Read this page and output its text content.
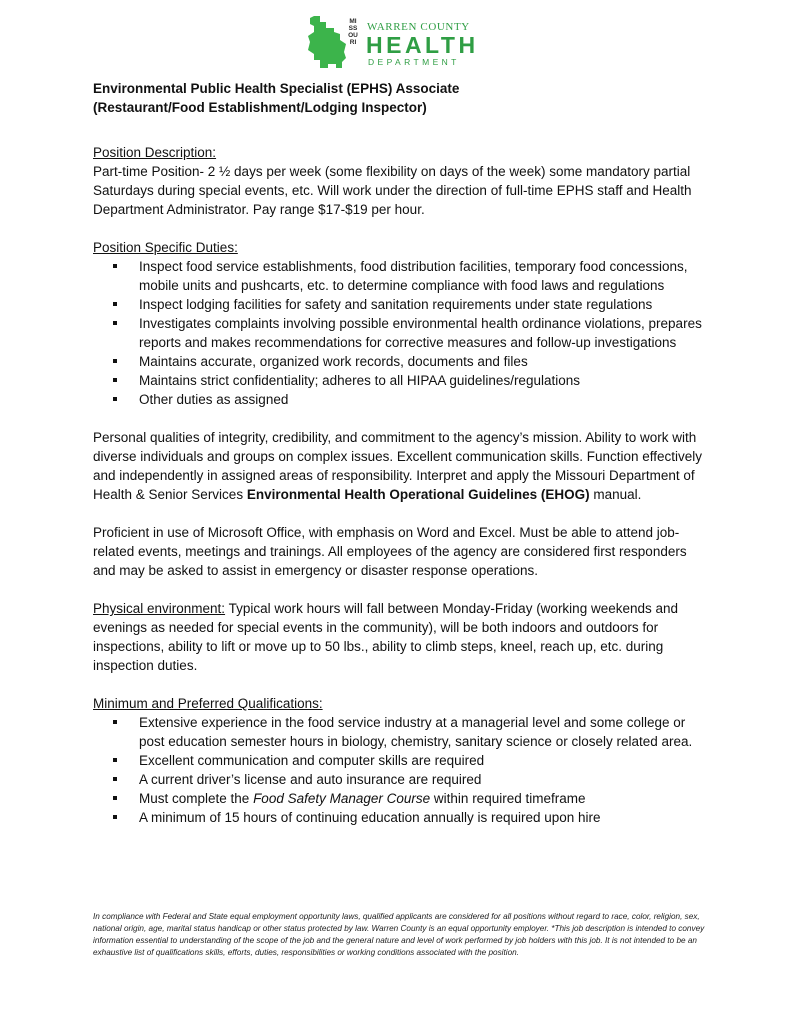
MISSOURI
WARREN COUNTY
HEALTH
DEPARTMENT

Environmental Public Health Specialist (EPHS) Associate

(Restaurant/Food Establishment/Lodging Inspector)

Position Description:

Part-time Position- 2 ½ days per week (some flexibility on days of the week) some mandatory partial Saturdays during special events, etc. Will work under the direction of full-time EPHS staff and Health Department Administrator. Pay range $17-$19 per hour.

Position Specific Duties:

Inspect food service establishments, food distribution facilities, temporary food concessions, mobile units and pushcarts, etc. to determine compliance with food laws and regulations
Inspect lodging facilities for safety and sanitation requirements under state regulations
Investigates complaints involving possible environmental health ordinance violations, prepares reports and makes recommendations for corrective measures and follow-up investigations
Maintains accurate, organized work records, documents and files
Maintains strict confidentiality; adheres to all HIPAA guidelines/regulations
Other duties as assigned

Personal qualities of integrity, credibility, and commitment to the agency’s mission. Ability to work with diverse individuals and groups on complex issues. Excellent communication skills. Function effectively and independently in assigned areas of responsibility. Interpret and apply the Missouri Department of Health & Senior Services Environmental Health Operational Guidelines (EHOG) manual.

Proficient in use of Microsoft Office, with emphasis on Word and Excel. Must be able to attend job-related events, meetings and trainings. All employees of the agency are considered first responders and may be asked to assist in emergency or disaster response operations.

Physical environment: Typical work hours will fall between Monday-Friday (working weekends and evenings as needed for special events in the community), will be both indoors and outdoors for inspections, ability to lift or move up to 50 lbs., ability to climb steps, kneel, reach up, etc. during inspection duties.

Minimum and Preferred Qualifications:

Extensive experience in the food service industry at a managerial level and some college or post education semester hours in biology, chemistry, sanitary science or closely related area.
Excellent communication and computer skills are required
A current driver’s license and auto insurance are required
Must complete the Food Safety Manager Course within required timeframe
A minimum of 15 hours of continuing education annually is required upon hire
In compliance with Federal and State equal employment opportunity laws, qualified applicants are considered for all positions without regard to race, color, religion, sex, national origin, age, marital status handicap or other status protected by law. Warren County is an equal opportunity employer. *This job description is intended to convey information essential to understanding of the scope of the job and the general nature and level of work performed by job holders with this job. It is not intended to be an exhaustive list of qualifications skills, efforts, duties, responsibilities or working conditions associated with the position.
